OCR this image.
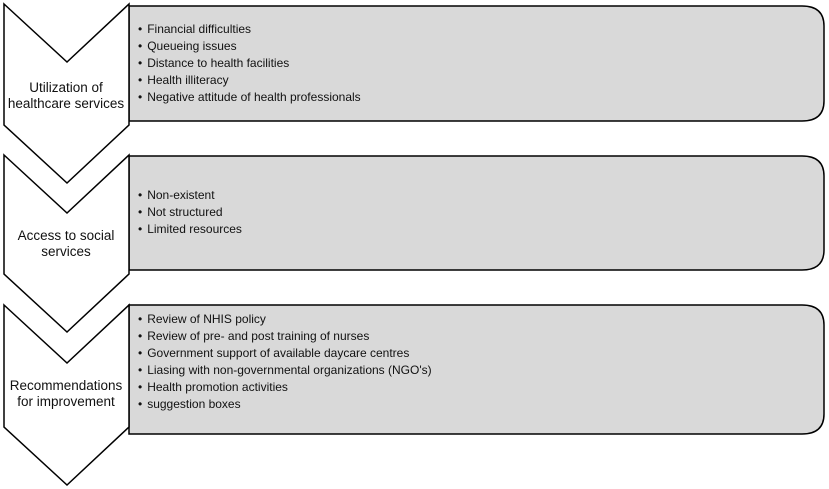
Utilization of healthcare services
• Financial difficulties
• Queueing issues
• Distance to health facilities
• Health illiteracy
• Negative attitude of health professionals
Access to social services
• Non-existent
• Not structured
• Limited resources
Recommendations for improvement
• Review of NHIS policy
• Review of pre- and post training of nurses
• Government support of available daycare centres
• Liasing with non-governmental organizations (NGO's)
• Health promotion activities
• suggestion boxes
